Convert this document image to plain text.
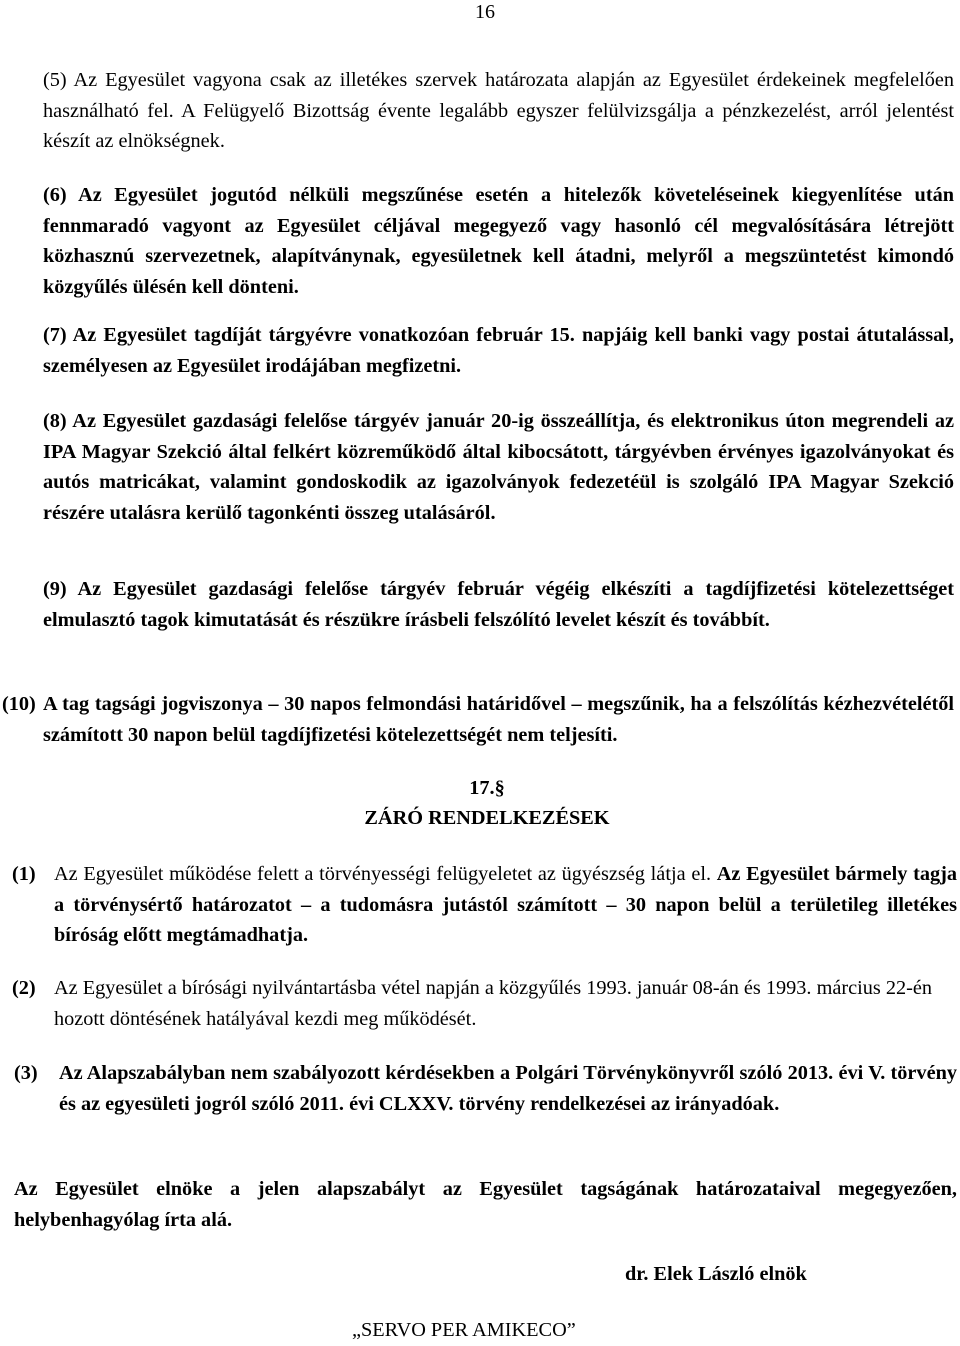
16
(5) Az Egyesület vagyona csak az illetékes szervek határozata alapján az Egyesület érdekeinek megfelelően használható fel. A Felügyelő Bizottság évente legalább egyszer felülvizsgálja a pénzkezelést, arról jelentést készít az elnökségnek.
(6) Az Egyesület jogutód nélküli megszűnése esetén a hitelezők követeléseinek kiegyenlítése után fennmaradó vagyont az Egyesület céljával megegyező vagy hasonló cél megvalósítására létrejött közhasznú szervezetnek, alapítványnak, egyesületnek kell átadni, melyről a megszüntetést kimondó közgyűlés ülésén kell dönteni.
(7) Az Egyesület tagdíját tárgyévre vonatkozóan február 15. napjáig kell banki vagy postai átutalással, személyesen az Egyesület irodájában megfizetni.
(8) Az Egyesület gazdasági felelőse tárgyév január 20-ig összeállítja, és elektronikus úton megrendeli az IPA Magyar Szekció által felkért közreműködő által kibocsátott, tárgyévben érvényes igazolványokat és autós matricákat, valamint gondoskodik az igazolványok fedezetéül is szolgáló IPA Magyar Szekció részére utalásra kerülő tagonkénti összeg utalásáról.
(9) Az Egyesület gazdasági felelőse tárgyév február végéig elkészíti a tagdíjfizetési kötelezettséget elmulasztó tagok kimutatását és részükre írásbeli felszólító levelet készít és továbbít.
(10) A tag tagsági jogviszonya – 30 napos felmondási határidővel – megszűnik, ha a felszólítás kézhezvételétől számított 30 napon belül tagdíjfizetési kötelezettségét nem teljesíti.
17.§
ZÁRÓ RENDELKEZÉSEK
(1) Az Egyesület működése felett a törvényességi felügyeletet az ügyészség látja el. Az Egyesület bármely tagja a törvénysértő határozatot – a tudomásra jutástól számított – 30 napon belül a területileg illetékes bíróság előtt megtámadhatja.
(2) Az Egyesület a bírósági nyilvántartásba vétel napján a közgyűlés 1993. január 08-án és 1993. március 22-én hozott döntésének hatályával kezdi meg működését.
(3)	Az Alapszabályban nem szabályozott kérdésekben a Polgári Törvénykönyvről szóló 2013. évi V. törvény és az egyesületi jogról szóló 2011. évi CLXXV. törvény rendelkezései az irányadóak.
Az Egyesület elnöke a jelen alapszabályt az Egyesület tagságának határozataival megegyezően, helybenhagyólag írta alá.
dr. Elek László elnök
„SERVO PER AMIKECO”
